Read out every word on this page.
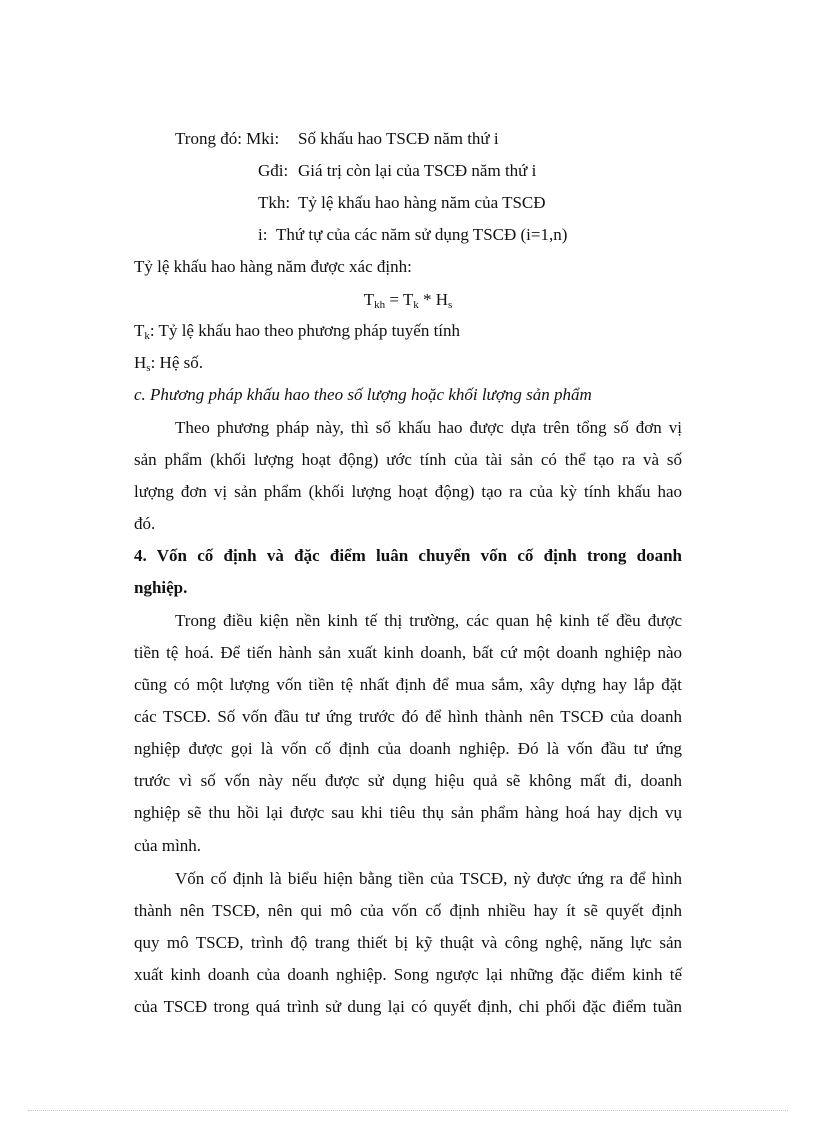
Trong đó: Mki: Số khấu hao TSCĐ năm thứ i
Gđi: Giá trị còn lại của TSCĐ năm thứ i
Tkh: Tỷ lệ khấu hao hàng năm của TSCĐ
i: Thứ tự của các năm sử dụng TSCĐ (i=1,n)
Tỷ lệ khấu hao hàng năm được xác định:
$T_{kh} = T_k * H_s$
$T_k$: Tỷ lệ khấu hao theo phương pháp tuyến tính
$H_s$: Hệ số.
c. Phương pháp khấu hao theo số lượng hoặc khối lượng sản phẩm
Theo phương pháp này, thì số khấu hao được dựa trên tổng số đơn vị
sản phẩm (khối lượng hoạt động) ước tính của tài sản có thể tạo ra và số
lượng đơn vị sản phẩm (khối lượng hoạt động) tạo ra của kỳ tính khấu hao
đó.
4. Vốn cố định và đặc điểm luân chuyển vốn cố định trong doanh
nghiệp.
Trong điều kiện nền kinh tế thị trường, các quan hệ kinh tế đều được
tiền tệ hoá. Để tiến hành sản xuất kinh doanh, bất cứ một doanh nghiệp nào
cũng có một lượng vốn tiền tệ nhất định để mua sắm, xây dựng hay lắp đặt
các TSCĐ. Số vốn đầu tư ứng trước đó để hình thành nên TSCĐ của doanh
nghiệp được gọi là vốn cố định của doanh nghiệp. Đó là vốn đầu tư ứng
trước vì số vốn này nếu được sử dụng hiệu quả sẽ không mất đi, doanh
nghiệp sẽ thu hồi lại được sau khi tiêu thụ sản phẩm hàng hoá hay dịch vụ
của mình.
Vốn cố định là biểu hiện bằng tiền của TSCĐ, nỳ được ứng ra để hình
thành nên TSCĐ, nên qui mô của vốn cố định nhiều hay ít sẽ quyết định
quy mô TSCĐ, trình độ trang thiết bị kỹ thuật và công nghệ, năng lực sản
xuất kinh doanh của doanh nghiệp. Song ngược lại những đặc điểm kinh tế
của TSCĐ trong quá trình sử dung lại có quyết định, chi phối đặc điểm tuần
